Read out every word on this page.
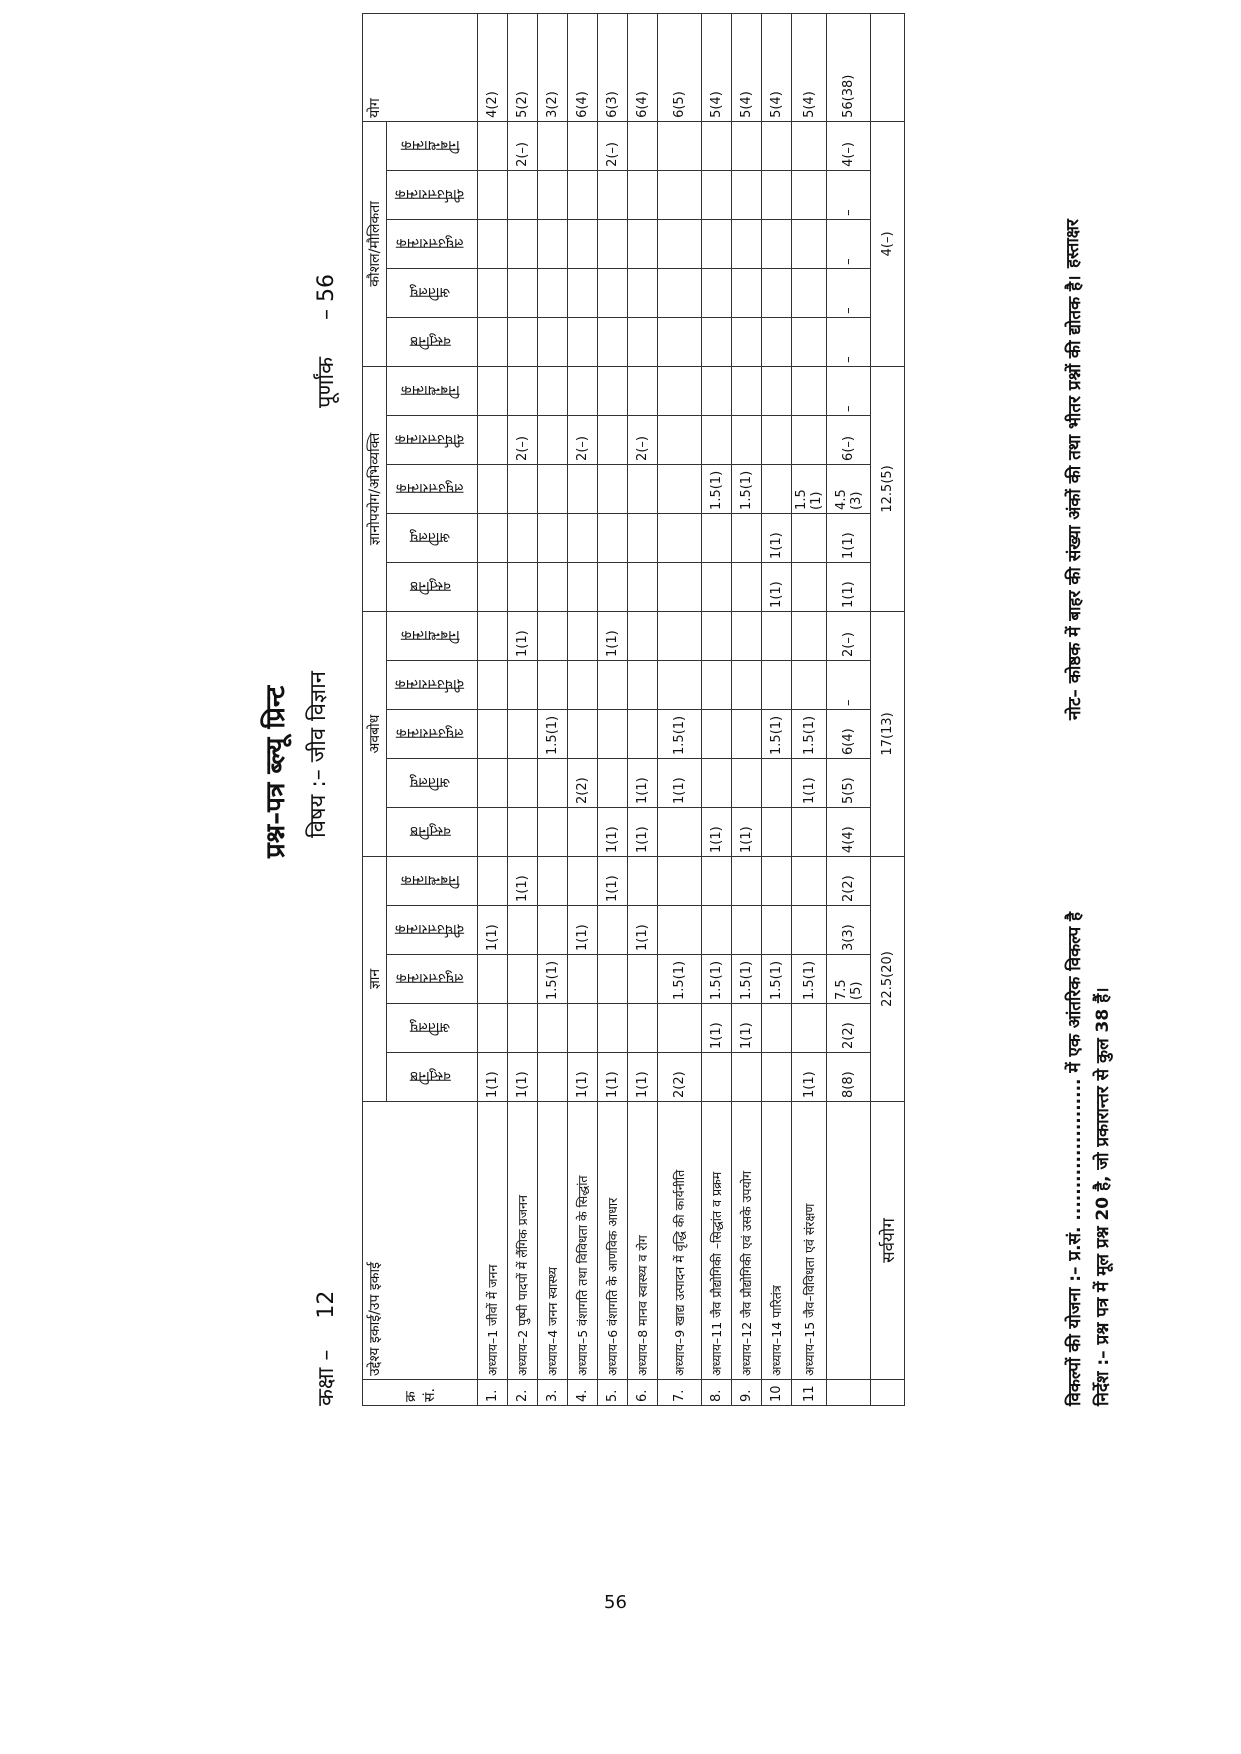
कक्षा – 12
प्रश्न–पत्र ब्ल्यू प्रिन्ट विषय :– जीव विज्ञान
पूर्णांक – 56
क्र सं.	उद्देश्य इकाई/उप इकाई	ज्ञान					अवबोध					ज्ञानोपयोग/अभिव्यक्ति					कौशल/मौलिकता					योग
		वस्तुनिष्ठ	अतिलघु	लघुउत्तरात्मक	दीर्घउत्तरात्मक	निबन्धात्मक	वस्तुनिष्ठ	अतिलघु	लघुउत्तरात्मक	दीर्घउत्तरात्मक	निबन्धात्मक	वस्तुनिष्ठ	अतिलघु	लघुउत्तरात्मक	दीर्घउत्तरात्मक	निबन्धात्मक	वस्तुनिष्ठ	अतिलघु	लघुउत्तरात्मक	दीर्घउत्तरात्मक	निबन्धात्मक	
1.	अध्याय–1 जीवों में जनन	1(1)			1(1)																	4(2)
2.	अध्याय–2 पुष्पी पादपों में लैंगिक प्रजनन	1(1)				1(1)					1(1)				2(–)						2(–)	5(2)
3.	अध्याय–4 जनन स्वास्थ्य			1.5(1)					1.5(1)													3(2)
4.	अध्याय–5 वंशागति तथा विविधता के सिद्धांत	1(1)			1(1)			2(2)							2(–)							6(4)
5.	अध्याय–6 वंशागति के आणविक आधार	1(1)				1(1)	1(1)				1(1)										2(–)	6(3)
6.	अध्याय–8 मानव स्वास्थ्य व रोग	1(1)			1(1)		1(1)	1(1)							2(–)							6(4)
7.	अध्याय–9 खाद्य उत्पादन में वृद्धि की कार्यनीति	2(2)		1.5(1)				1(1)	1.5(1)													6(5)
8.	अध्याय–11 जैव प्रौद्योगिकी –सिद्धांत व प्रक्रम		1(1)	1.5(1)			1(1)							1.5(1)								5(4)
9.	अध्याय–12 जैव प्रौद्योगिकी एवं उसके उपयोग		1(1)	1.5(1)			1(1)							1.5(1)								5(4)
10	अध्याय–14 पारितंत्र			1.5(1)					1.5(1)			1(1)	1(1)									5(4)
11	अध्याय–15 जैव–विविधता एवं संरक्षण	1(1)		1.5(1)				1(1)	1.5(1)					1.5 (1)								5(4)
		8(8)	2(2)	7.5 (5)	3(3)	2(2)	4(4)	5(5)	6(4)	–	2(–)	1(1)	1(1)	4.5 (3)	6(–)	–	–	–	–	–	4(–)	56(38)
	सर्वयोग	22.5(20)					17(13)					12.5(5)					4(–)					
विकल्पों की योजना :– प्र.सं. ...................... में एक आंतरिक विकल्प है
नोट– कोष्ठक में बाहर की संख्या अंकों की तथा भीतर प्रश्नों की द्योतक है।
निर्देश :– प्रश्न पत्र में मूल प्रश्न 20 है, जो प्रकारान्तर से कुल 38 हैं।
हस्ताक्षर
56
